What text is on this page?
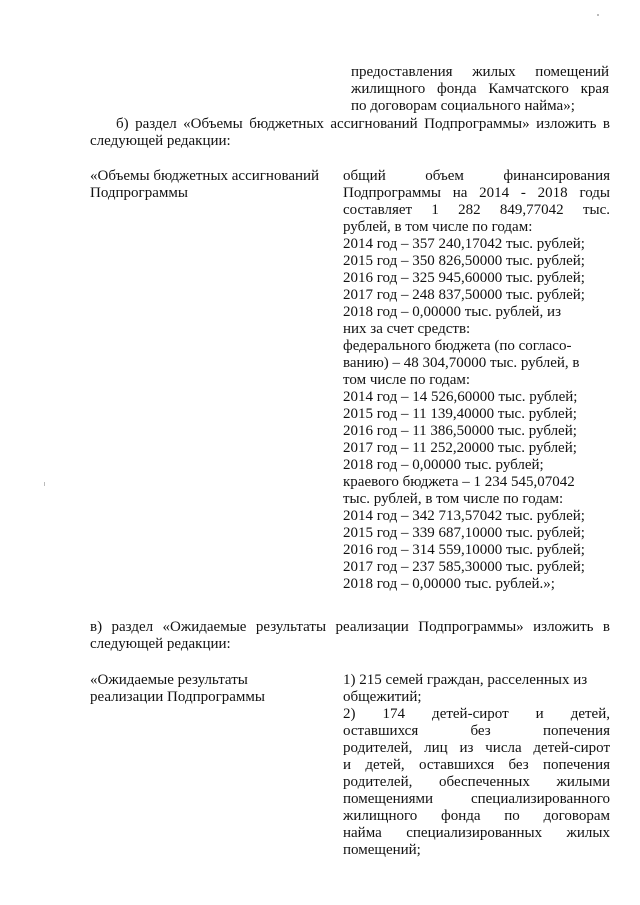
предоставления жилых помещений
жилищного фонда Камчатского края
по договорам социального найма»;
б) раздел «Объемы бюджетных ассигнований Подпрограммы» изложить в
следующей редакции:
«Объемы бюджетных ассигнований
Подпрограммы
общий объем финансирования
Подпрограммы на 2014 - 2018 годы
составляет 1 282 849,77042 тыс.
рублей, в том числе по годам:
2014 год – 357 240,17042 тыс. рублей;
2015 год – 350 826,50000 тыс. рублей;
2016 год – 325 945,60000 тыс. рублей;
2017 год – 248 837,50000 тыс. рублей;
2018 год – 0,00000 тыс. рублей, из
них за счет средств:
федерального бюджета (по согласо-
ванию) – 48 304,70000 тыс. рублей, в
том числе по годам:
2014 год – 14 526,60000 тыс. рублей;
2015 год – 11 139,40000 тыс. рублей;
2016 год – 11 386,50000 тыс. рублей;
2017 год – 11 252,20000 тыс. рублей;
2018 год – 0,00000 тыс. рублей;
краевого бюджета – 1 234 545,07042
тыс. рублей, в том числе по годам:
2014 год – 342 713,57042 тыс. рублей;
2015 год – 339 687,10000 тыс. рублей;
2016 год – 314 559,10000 тыс. рублей;
2017 год – 237 585,30000 тыс. рублей;
2018 год – 0,00000 тыс. рублей.»;
в) раздел «Ожидаемые результаты реализации Подпрограммы» изложить в
следующей редакции:
«Ожидаемые результаты
реализации Подпрограммы
1) 215 семей граждан, расселенных из
общежитий;
2) 174 детей-сирот и детей,
оставшихся без попечения
родителей, лиц из числа детей-сирот
и детей, оставшихся без попечения
родителей, обеспеченных жилыми
помещениями специализированного
жилищного фонда по договорам
найма специализированных жилых
помещений;
